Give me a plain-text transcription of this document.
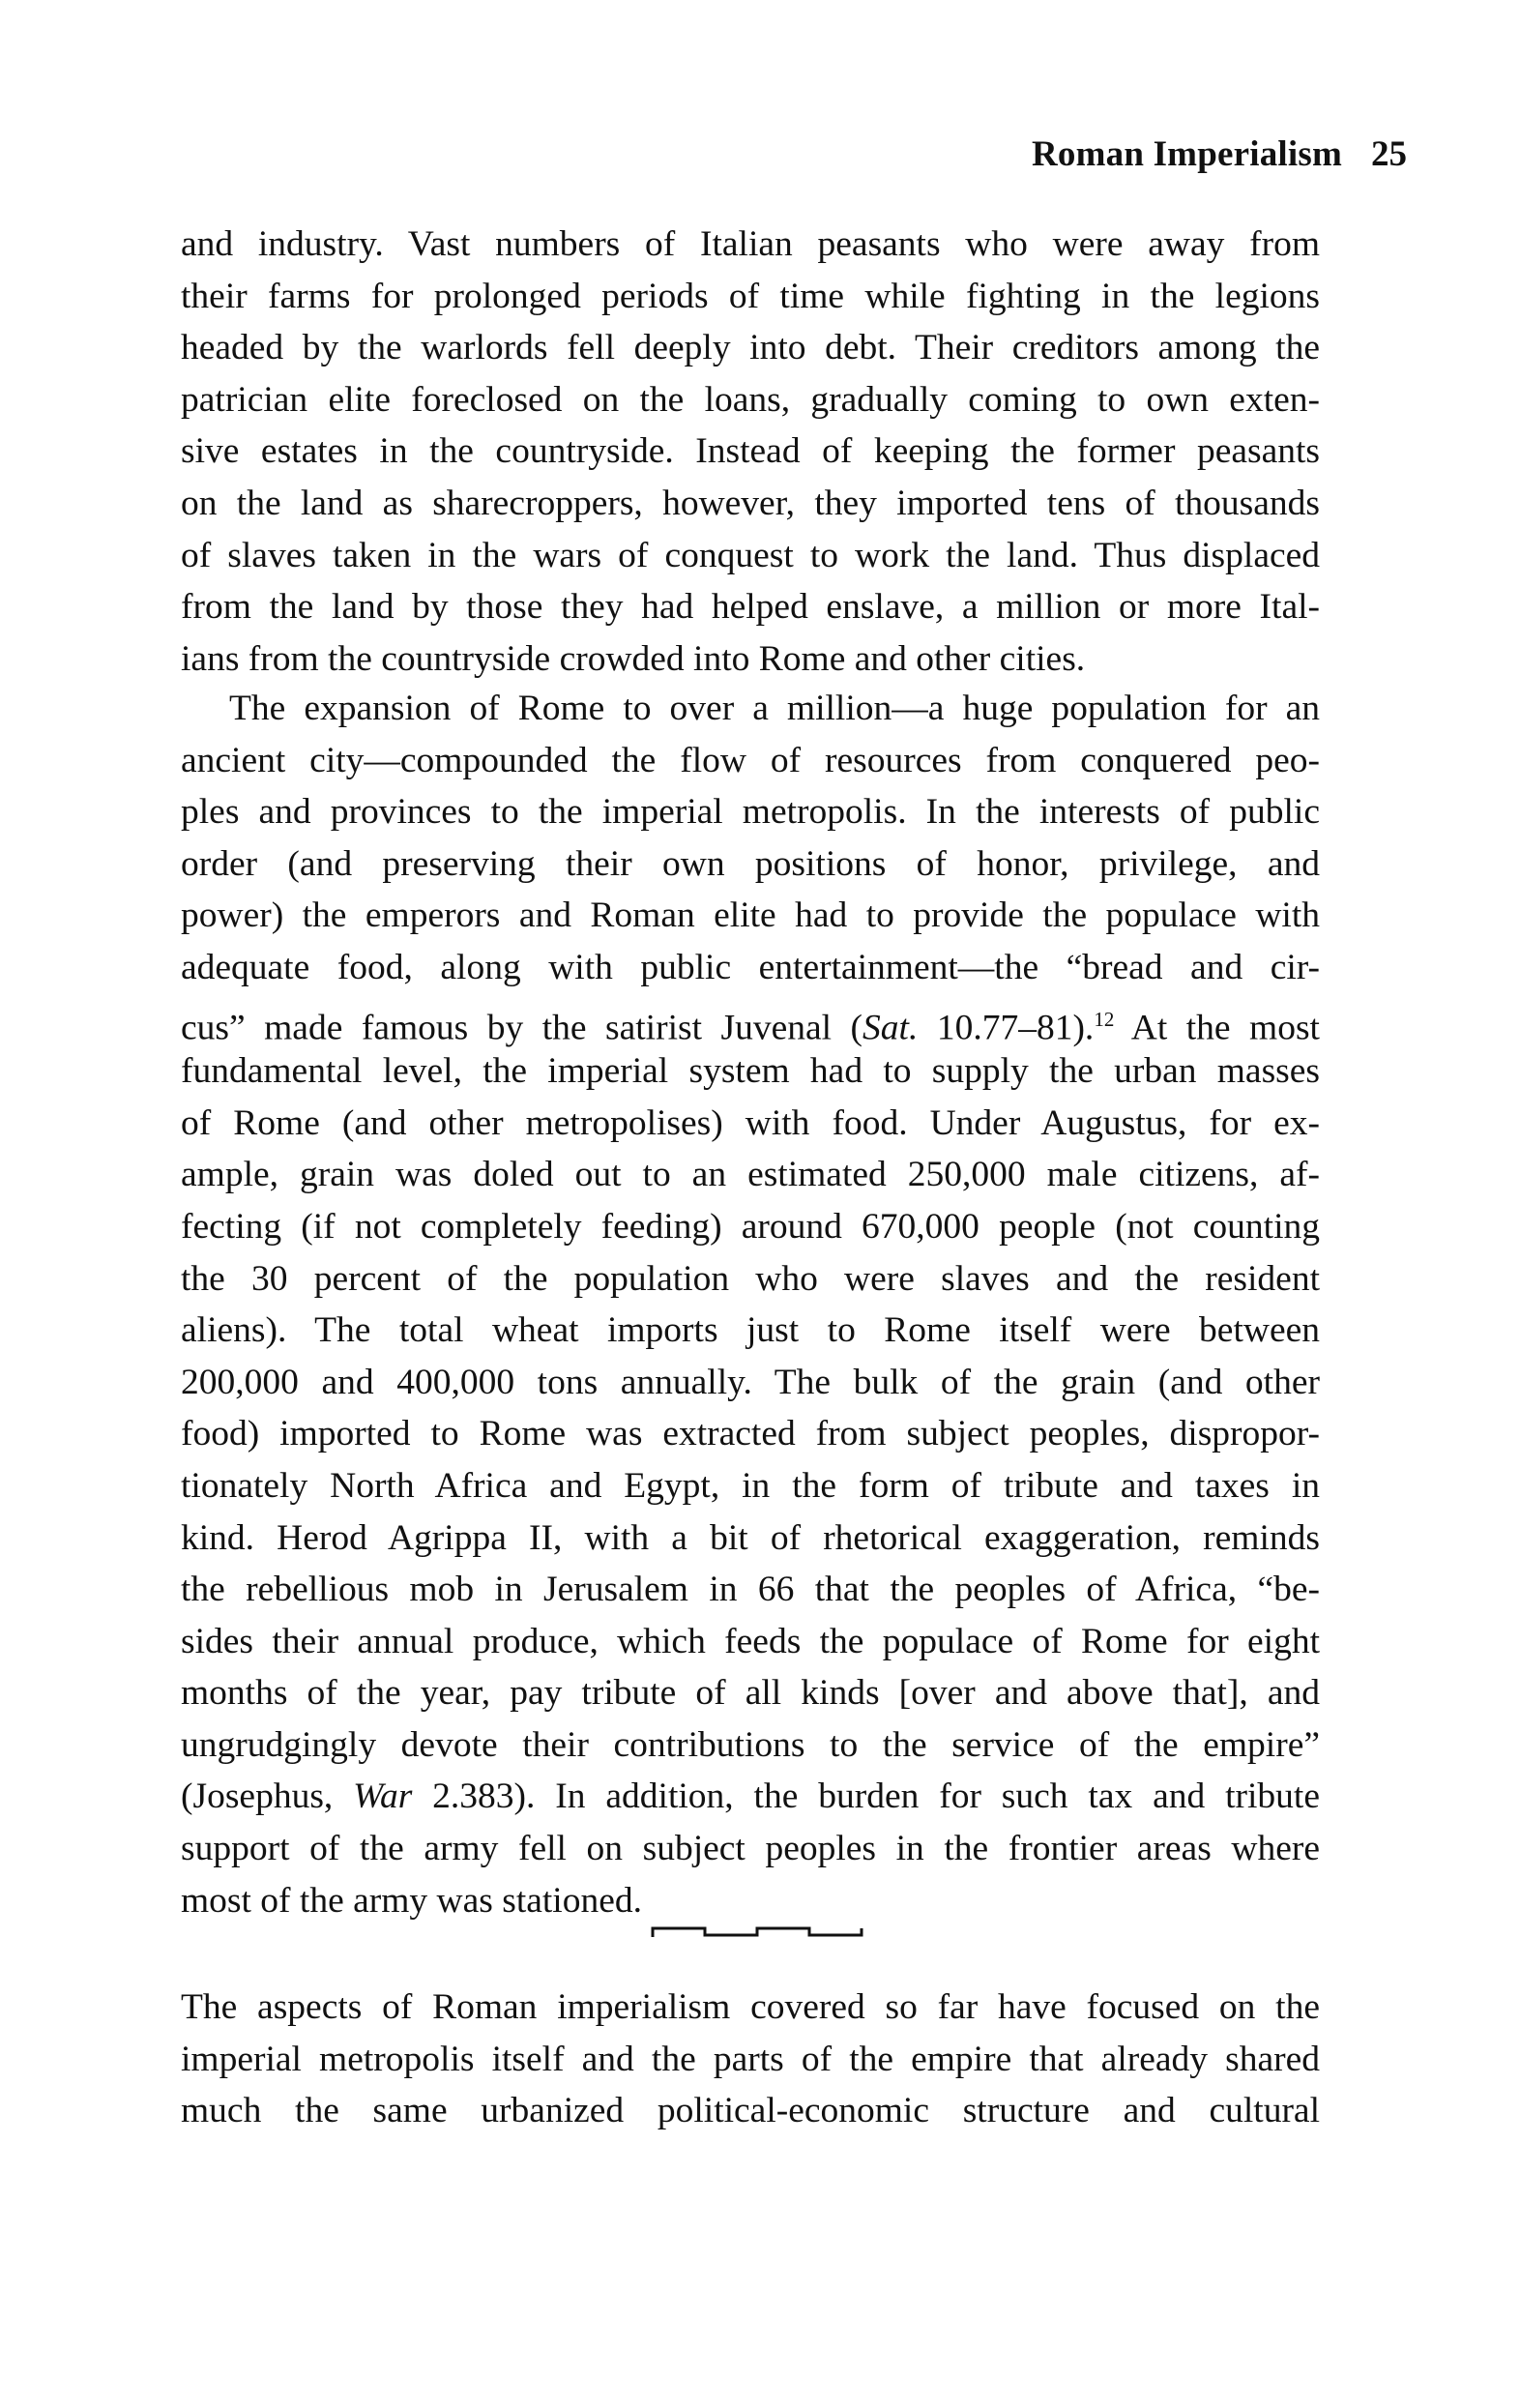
Roman Imperialism 25
and industry. Vast numbers of Italian peasants who were away from
their farms for prolonged periods of time while fighting in the legions
headed by the warlords fell deeply into debt. Their creditors among the
patrician elite foreclosed on the loans, gradually coming to own exten-
sive estates in the countryside. Instead of keeping the former peasants
on the land as sharecroppers, however, they imported tens of thousands
of slaves taken in the wars of conquest to work the land. Thus displaced
from the land by those they had helped enslave, a million or more Ital-
ians from the countryside crowded into Rome and other cities.
The expansion of Rome to over a million—a huge population for an
ancient city—compounded the flow of resources from conquered peo-
ples and provinces to the imperial metropolis. In the interests of public
order (and preserving their own positions of honor, privilege, and
power) the emperors and Roman elite had to provide the populace with
adequate food, along with public entertainment—the “bread and cir-
cus” made famous by the satirist Juvenal (Sat. 10.77–81).$^{12}$ At the most
fundamental level, the imperial system had to supply the urban masses
of Rome (and other metropolises) with food. Under Augustus, for ex-
ample, grain was doled out to an estimated 250,000 male citizens, af-
fecting (if not completely feeding) around 670,000 people (not counting
the 30 percent of the population who were slaves and the resident
aliens). The total wheat imports just to Rome itself were between
200,000 and 400,000 tons annually. The bulk of the grain (and other
food) imported to Rome was extracted from subject peoples, dispropor-
tionately North Africa and Egypt, in the form of tribute and taxes in
kind. Herod Agrippa II, with a bit of rhetorical exaggeration, reminds
the rebellious mob in Jerusalem in 66 that the peoples of Africa, “be-
sides their annual produce, which feeds the populace of Rome for eight
months of the year, pay tribute of all kinds [over and above that], and
ungrudgingly devote their contributions to the service of the empire”
(Josephus, War 2.383). In addition, the burden for such tax and tribute
support of the army fell on subject peoples in the frontier areas where
most of the army was stationed.
The aspects of Roman imperialism covered so far have focused on the
imperial metropolis itself and the parts of the empire that already shared
much the same urbanized political-economic structure and cultural
